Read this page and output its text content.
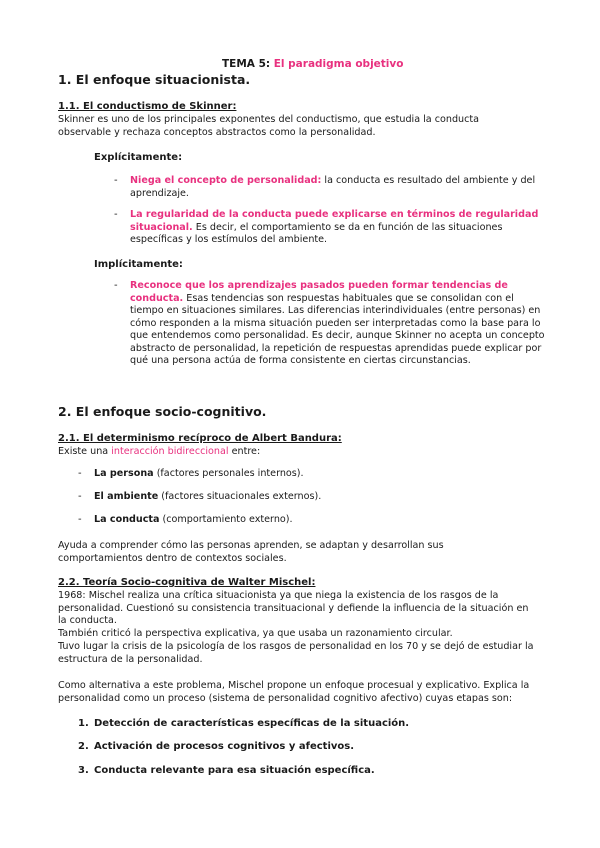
TEMA 5: El paradigma objetivo
1. El enfoque situacionista.
1.1. El conductismo de Skinner:
Skinner es uno de los principales exponentes del conductismo, que estudia la conducta observable y rechaza conceptos abstractos como la personalidad.
Explícitamente:
- Niega el concepto de personalidad: la conducta es resultado del ambiente y del aprendizaje.
- La regularidad de la conducta puede explicarse en términos de regularidad situacional. Es decir, el comportamiento se da en función de las situaciones específicas y los estímulos del ambiente.
Implícitamente:
- Reconoce que los aprendizajes pasados pueden formar tendencias de conducta. Esas tendencias son respuestas habituales que se consolidan con el tiempo en situaciones similares. Las diferencias interindividuales (entre personas) en cómo responden a la misma situación pueden ser interpretadas como la base para lo que entendemos como personalidad. Es decir, aunque Skinner no acepta un concepto abstracto de personalidad, la repetición de respuestas aprendidas puede explicar por qué una persona actúa de forma consistente en ciertas circunstancias.
2. El enfoque socio-cognitivo.
2.1. El determinismo recíproco de Albert Bandura:
Existe una interacción bidireccional entre:
- La persona (factores personales internos).
- El ambiente (factores situacionales externos).
- La conducta (comportamiento externo).
Ayuda a comprender cómo las personas aprenden, se adaptan y desarrollan sus comportamientos dentro de contextos sociales.
2.2. Teoría Socio-cognitiva de Walter Mischel:
1968: Mischel realiza una crítica situacionista ya que niega la existencia de los rasgos de la personalidad. Cuestionó su consistencia transituacional y defiende la influencia de la situación en la conducta.
También criticó la perspectiva explicativa, ya que usaba un razonamiento circular.
Tuvo lugar la crisis de la psicología de los rasgos de personalidad en los 70 y se dejó de estudiar la estructura de la personalidad.
Como alternativa a este problema, Mischel propone un enfoque procesual y explicativo. Explica la personalidad como un proceso (sistema de personalidad cognitivo afectivo) cuyas etapas son:
1. Detección de características específicas de la situación.
2. Activación de procesos cognitivos y afectivos.
3. Conducta relevante para esa situación específica.
